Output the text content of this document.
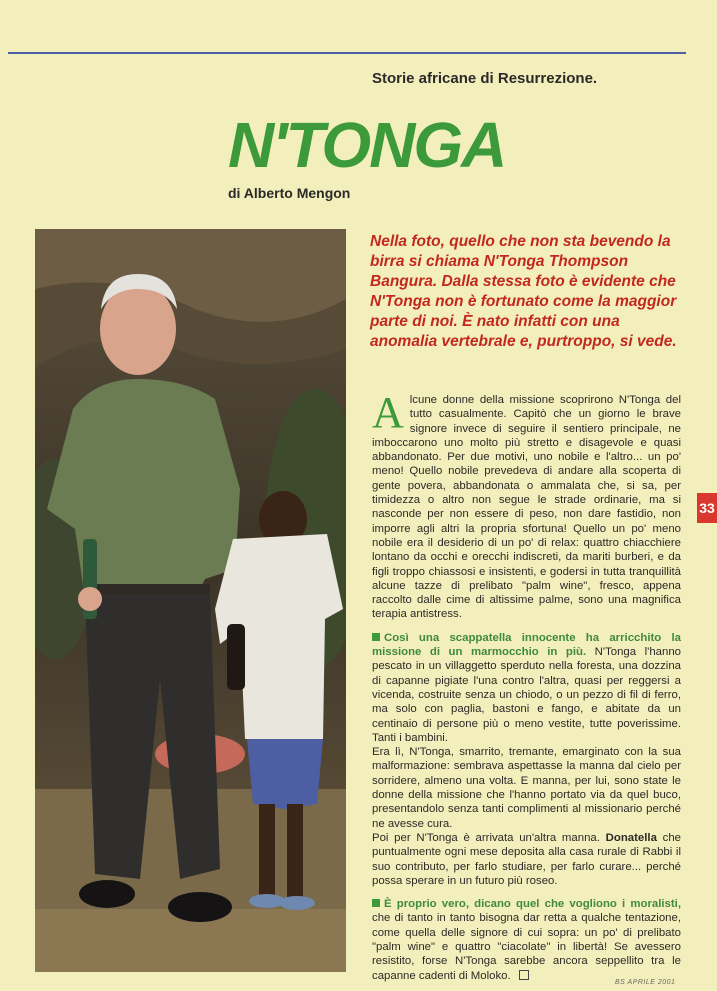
Storie africane di Resurrezione.
N'TONGA
di Alberto Mengon
Nella foto, quello che non sta bevendo la birra si chiama N'Tonga Thompson Bangura. Dalla stessa foto è evidente che N'Tonga non è fortunato come la maggior parte di noi. È nato infatti con una anomalia vertebrale e, purtroppo, si vede.

Alcune donne della missione scoprirono N'Tonga del tutto casualmente. Capitò che un giorno le brave signore invece di seguire il sentiero principale, ne imboccarono uno molto più stretto e disagevole e quasi abbandonato. Per due motivi, uno nobile e l'altro... un po' meno! Quello nobile prevedeva di andare alla scoperta di gente povera, abbandonata o ammalata che, si sa, per timidezza o altro non segue le strade ordinarie, ma si nasconde per non essere di peso, non dare fastidio, non imporre agli altri la propria sfortuna! Quello un po' meno nobile era il desiderio di un po' di relax: quattro chiacchiere lontano da occhi e orecchi indiscreti, da mariti burberi, e da figli troppo chiassosi e insistenti, e godersi in tutta tranquillità alcune tazze di prelibato "palm wine", fresco, appena raccolto dalle cime di altissime palme, sono una magnifica terapia antistress.

Così una scappatella innocente ha arricchito la missione di un marmocchio in più. N'Tonga l'hanno pescato in un villaggetto sperduto nella foresta, una dozzina di capanne pigiate l'una contro l'altra, quasi per reggersi a vicenda, costruite senza un chiodo, o un pezzo di fil di ferro, ma solo con paglia, bastoni e fango, e abitate da un centinaio di persone più o meno vestite, tutte poverissime. Tanti i bambini.

Era lì, N'Tonga, smarrito, tremante, emarginato con la sua malformazione: sembrava aspettasse la manna dal cielo per sorridere, almeno una volta. E manna, per lui, sono state le donne della missione che l'hanno portato via da quel buco, presentandolo senza tanti complimenti al missionario perché ne avesse cura.

Poi per N'Tonga è arrivata un'altra manna. Donatella che puntualmente ogni mese deposita alla casa rurale di Rabbi il suo contributo, per farlo studiare, per farlo curare... perché possa sperare in un futuro più roseo.

È proprio vero, dicano quel che vogliono i moralisti, che di tanto in tanto bisogna dar retta a qualche tentazione, come quella delle signore di cui sopra: un po' di prelibato "palm wine" e quattro "ciacolate" in libertà! Se avessero resistito, forse N'Tonga sarebbe ancora seppellito tra le capanne cadenti di Moloko.

33
BS APRILE 2001
